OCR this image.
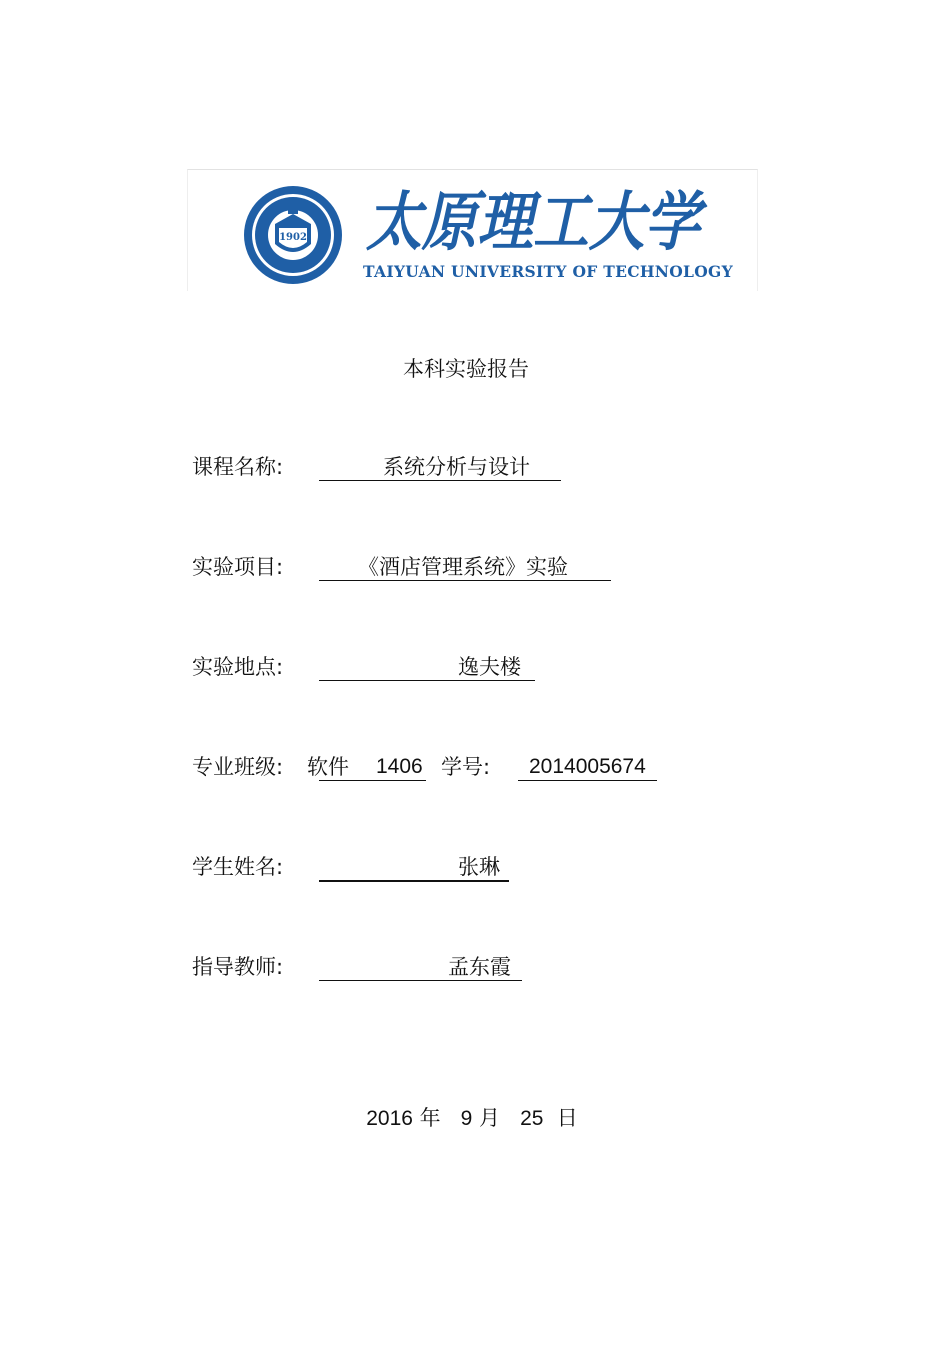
1902 太原理工大学
TAIYUAN UNIVERSITY OF TECHNOLOGY
本科实验报告
课程名称:	系统分析与设计
实验项目:	《酒店管理系统》实验
实验地点:	逸夫楼
专业班级: 软件 1406 学号: 2014005674
学生姓名:	张琳
指导教师:	孟东霞
2016 年 9 月 25 日
